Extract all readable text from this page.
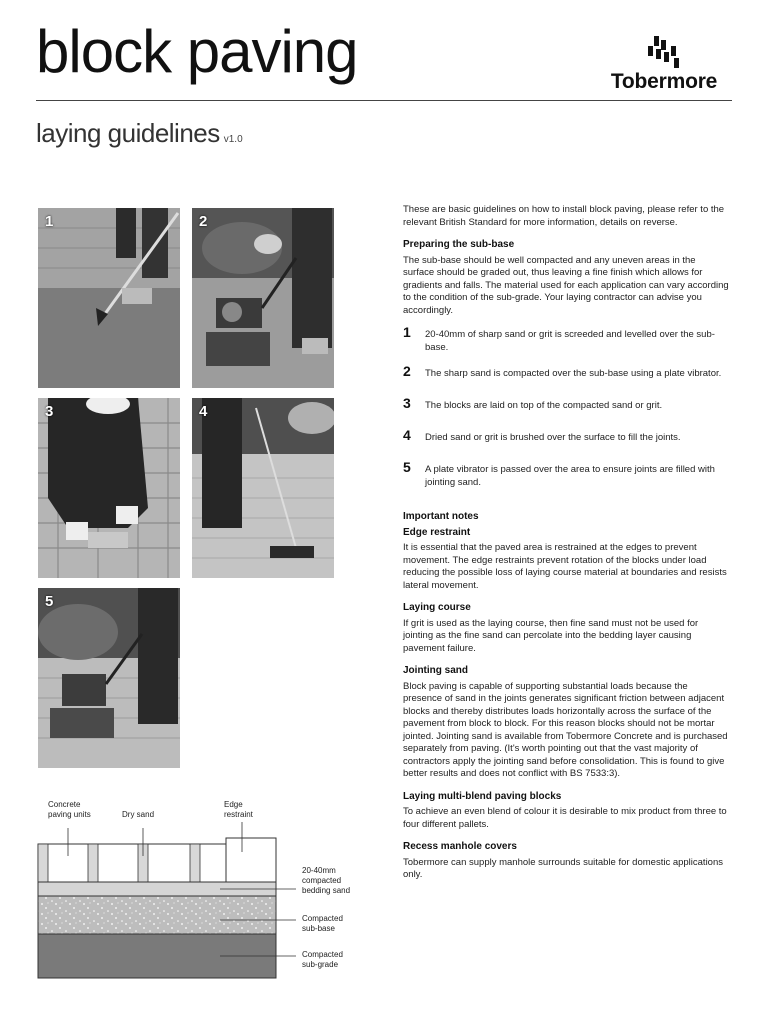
block paving	Tobermore
laying guidelines v1.0
1	2
3	4
5
Concrete
paving units	Dry sand
Edge
restraint
20-40mm
compacted
bedding sand
Compacted
sub-base
Compacted
sub-grade

These are basic guidelines on how to install block paving, please refer to the relevant British Standard for more information, details on reverse.

Preparing the sub-base

The sub-base should be well compacted and any uneven areas in the surface should be graded out, thus leaving a fine finish which allows for gradients and falls. The material used for each application can vary according to the condition of the sub-grade. Your laying contractor can advise you accordingly.

1 20-40mm of sharp sand or grit is screeded and levelled over the sub-base.
2 The sharp sand is compacted over the sub-base using a plate vibrator.
3 The blocks are laid on top of the compacted sand or grit.
4 Dried sand or grit is brushed over the surface to fill the joints.
5 A plate vibrator is passed over the area to ensure joints are filled with jointing sand.
Important notes
Edge restraint
It is essential that the paved area is restrained at the edges to prevent movement. The edge restraints prevent rotation of the blocks under load reducing the possible loss of laying course material at boundaries and resists lateral movement.
Laying course
If grit is used as the laying course, then fine sand must not be used for jointing as the fine sand can percolate into the bedding layer causing pavement failure.
Jointing sand
Block paving is capable of supporting substantial loads because the presence of sand in the joints generates significant friction between adjacent blocks and thereby distributes loads horizontally across the surface of the pavement from block to block. For this reason blocks should not be mortar jointed. Jointing sand is available from Tobermore Concrete and is purchased separately from paving. (It's worth pointing out that the vast majority of contractors apply the jointing sand before consolidation. This is found to give better results and does not conflict with BS 7533:3).
Laying multi-blend paving blocks
To achieve an even blend of colour it is desirable to mix product from three to four different pallets.
Recess manhole covers
Tobermore can supply manhole surrounds suitable for domestic applications only.
